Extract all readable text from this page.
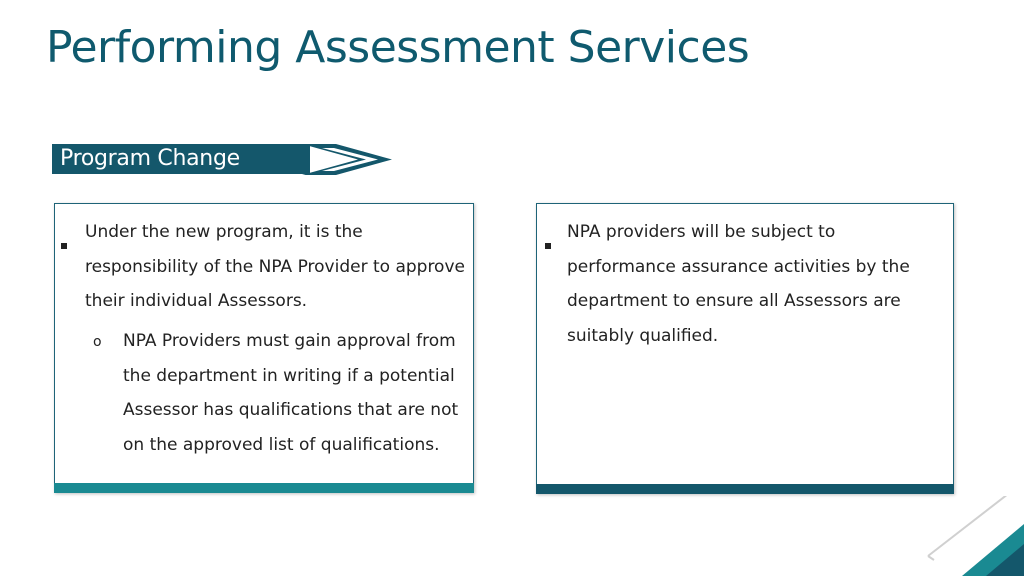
Performing Assessment Services
Program Change
Under the new program, it is the responsibility of the NPA Provider to approve their individual Assessors.
o NPA Providers must gain approval from the department in writing if a potential Assessor has qualifications that are not on the approved list of qualifications.
NPA providers will be subject to performance assurance activities by the department to ensure all Assessors are suitably qualified.
